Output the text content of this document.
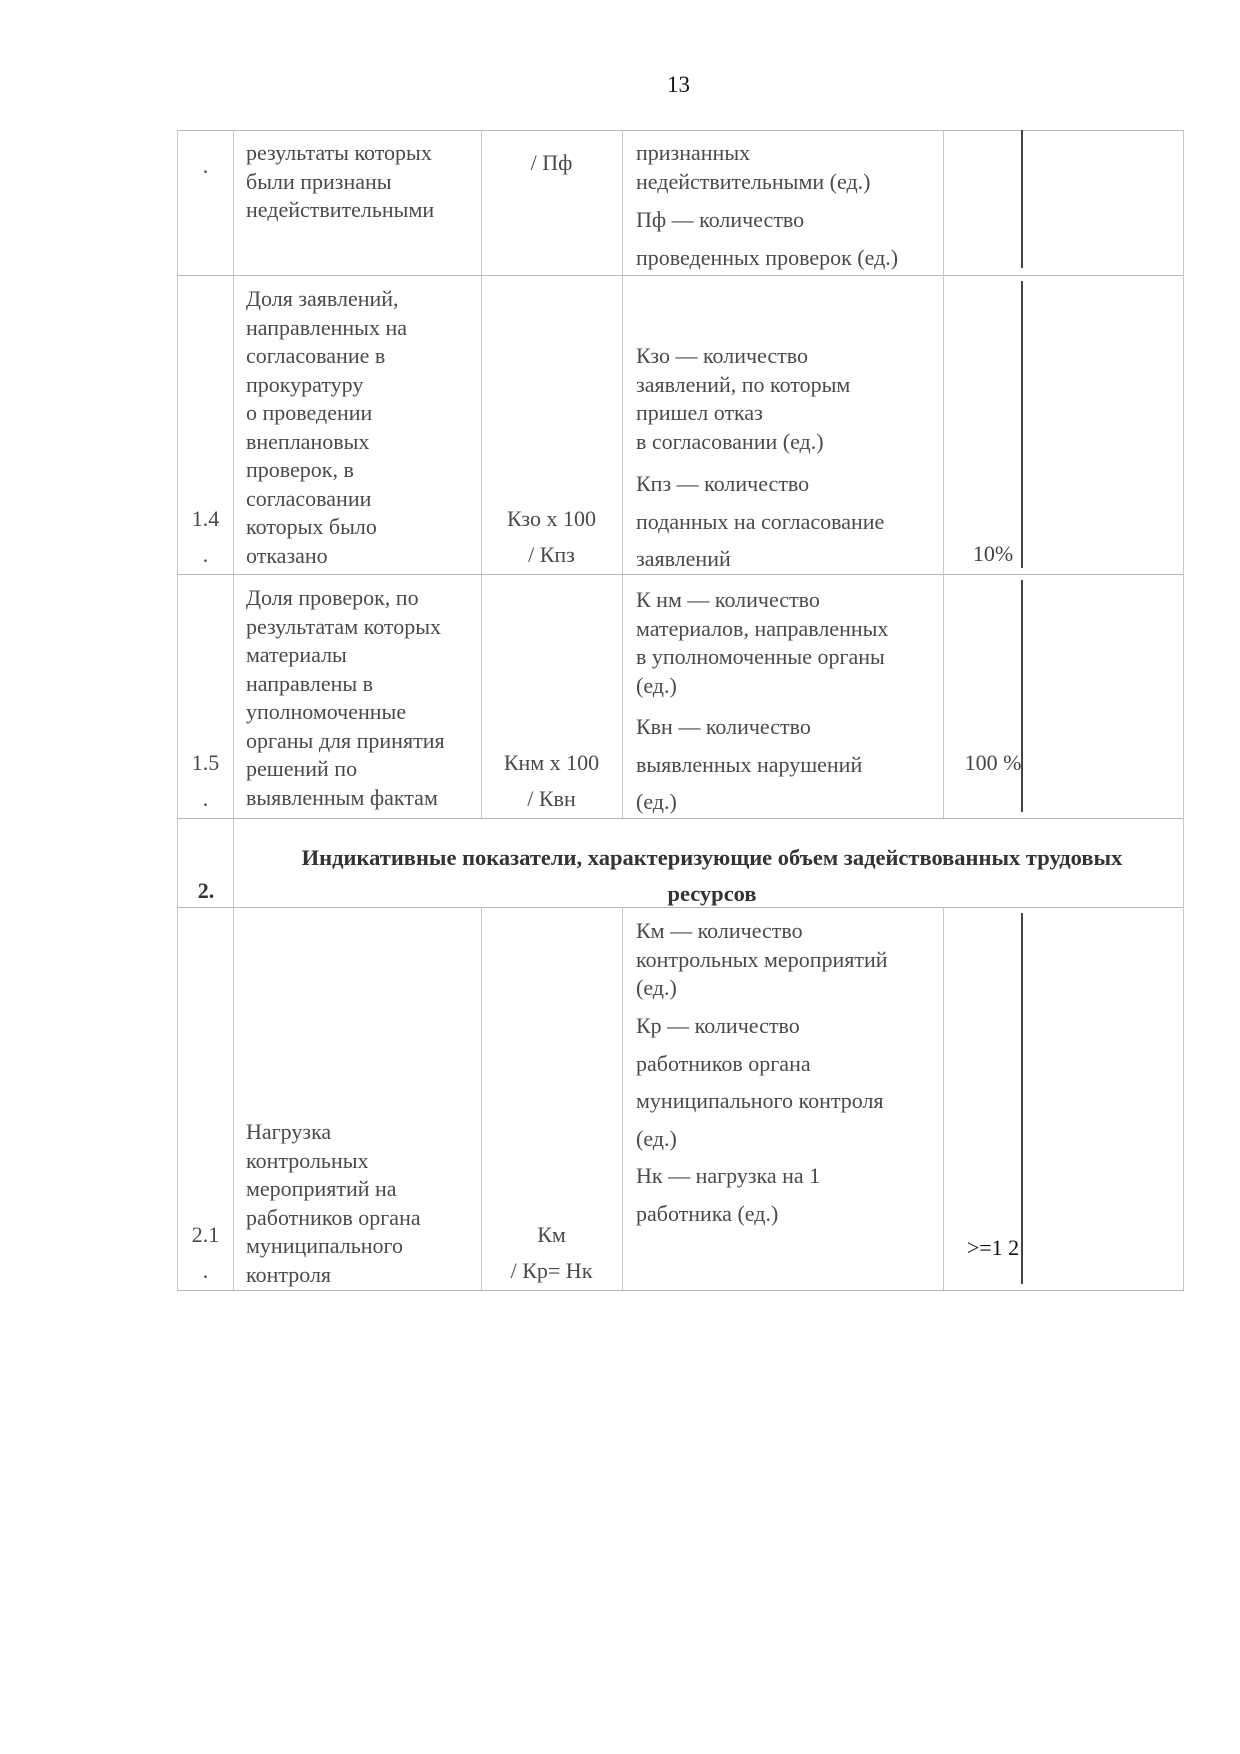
13
.
результаты которых
были признаны
недействительными
/ Пф	признанных
недействительными (ед.)
Пф — количество
проведенных проверок (ед.)
1.4
.
Доля заявлений,
направленных на
согласование в
прокуратуру
о проведении
внеплановых
проверок, в
согласовании
которых было
отказано
Кзо х 100
/ Кпз
Кзо — количество
заявлений, по которым
пришел отказ
в согласовании (ед.)
Кпз — количество
поданных на согласование
заявлений	10%
1.5
.
Доля проверок, по
результатам которых
материалы
направлены в
уполномоченные
органы для принятия
решений по
выявленным фактам
Кнм х 100
/ Квн
К нм — количество
материалов, направленных
в уполномоченные органы
(ед.)
Квн — количество
выявленных нарушений
(ед.)
100 %
2.
Индикативные показатели, характеризующие объем задействованных трудовых
ресурсов
2.1
.
Нагрузка
контрольных
мероприятий на
работников органа
муниципального
контроля
Км
/ Кр= Нк
Км — количество
контрольных мероприятий
(ед.)
Кр — количество
работников органа
муниципального контроля
(ед.)
Нк — нагрузка на 1
работника (ед.)
>=1 2
